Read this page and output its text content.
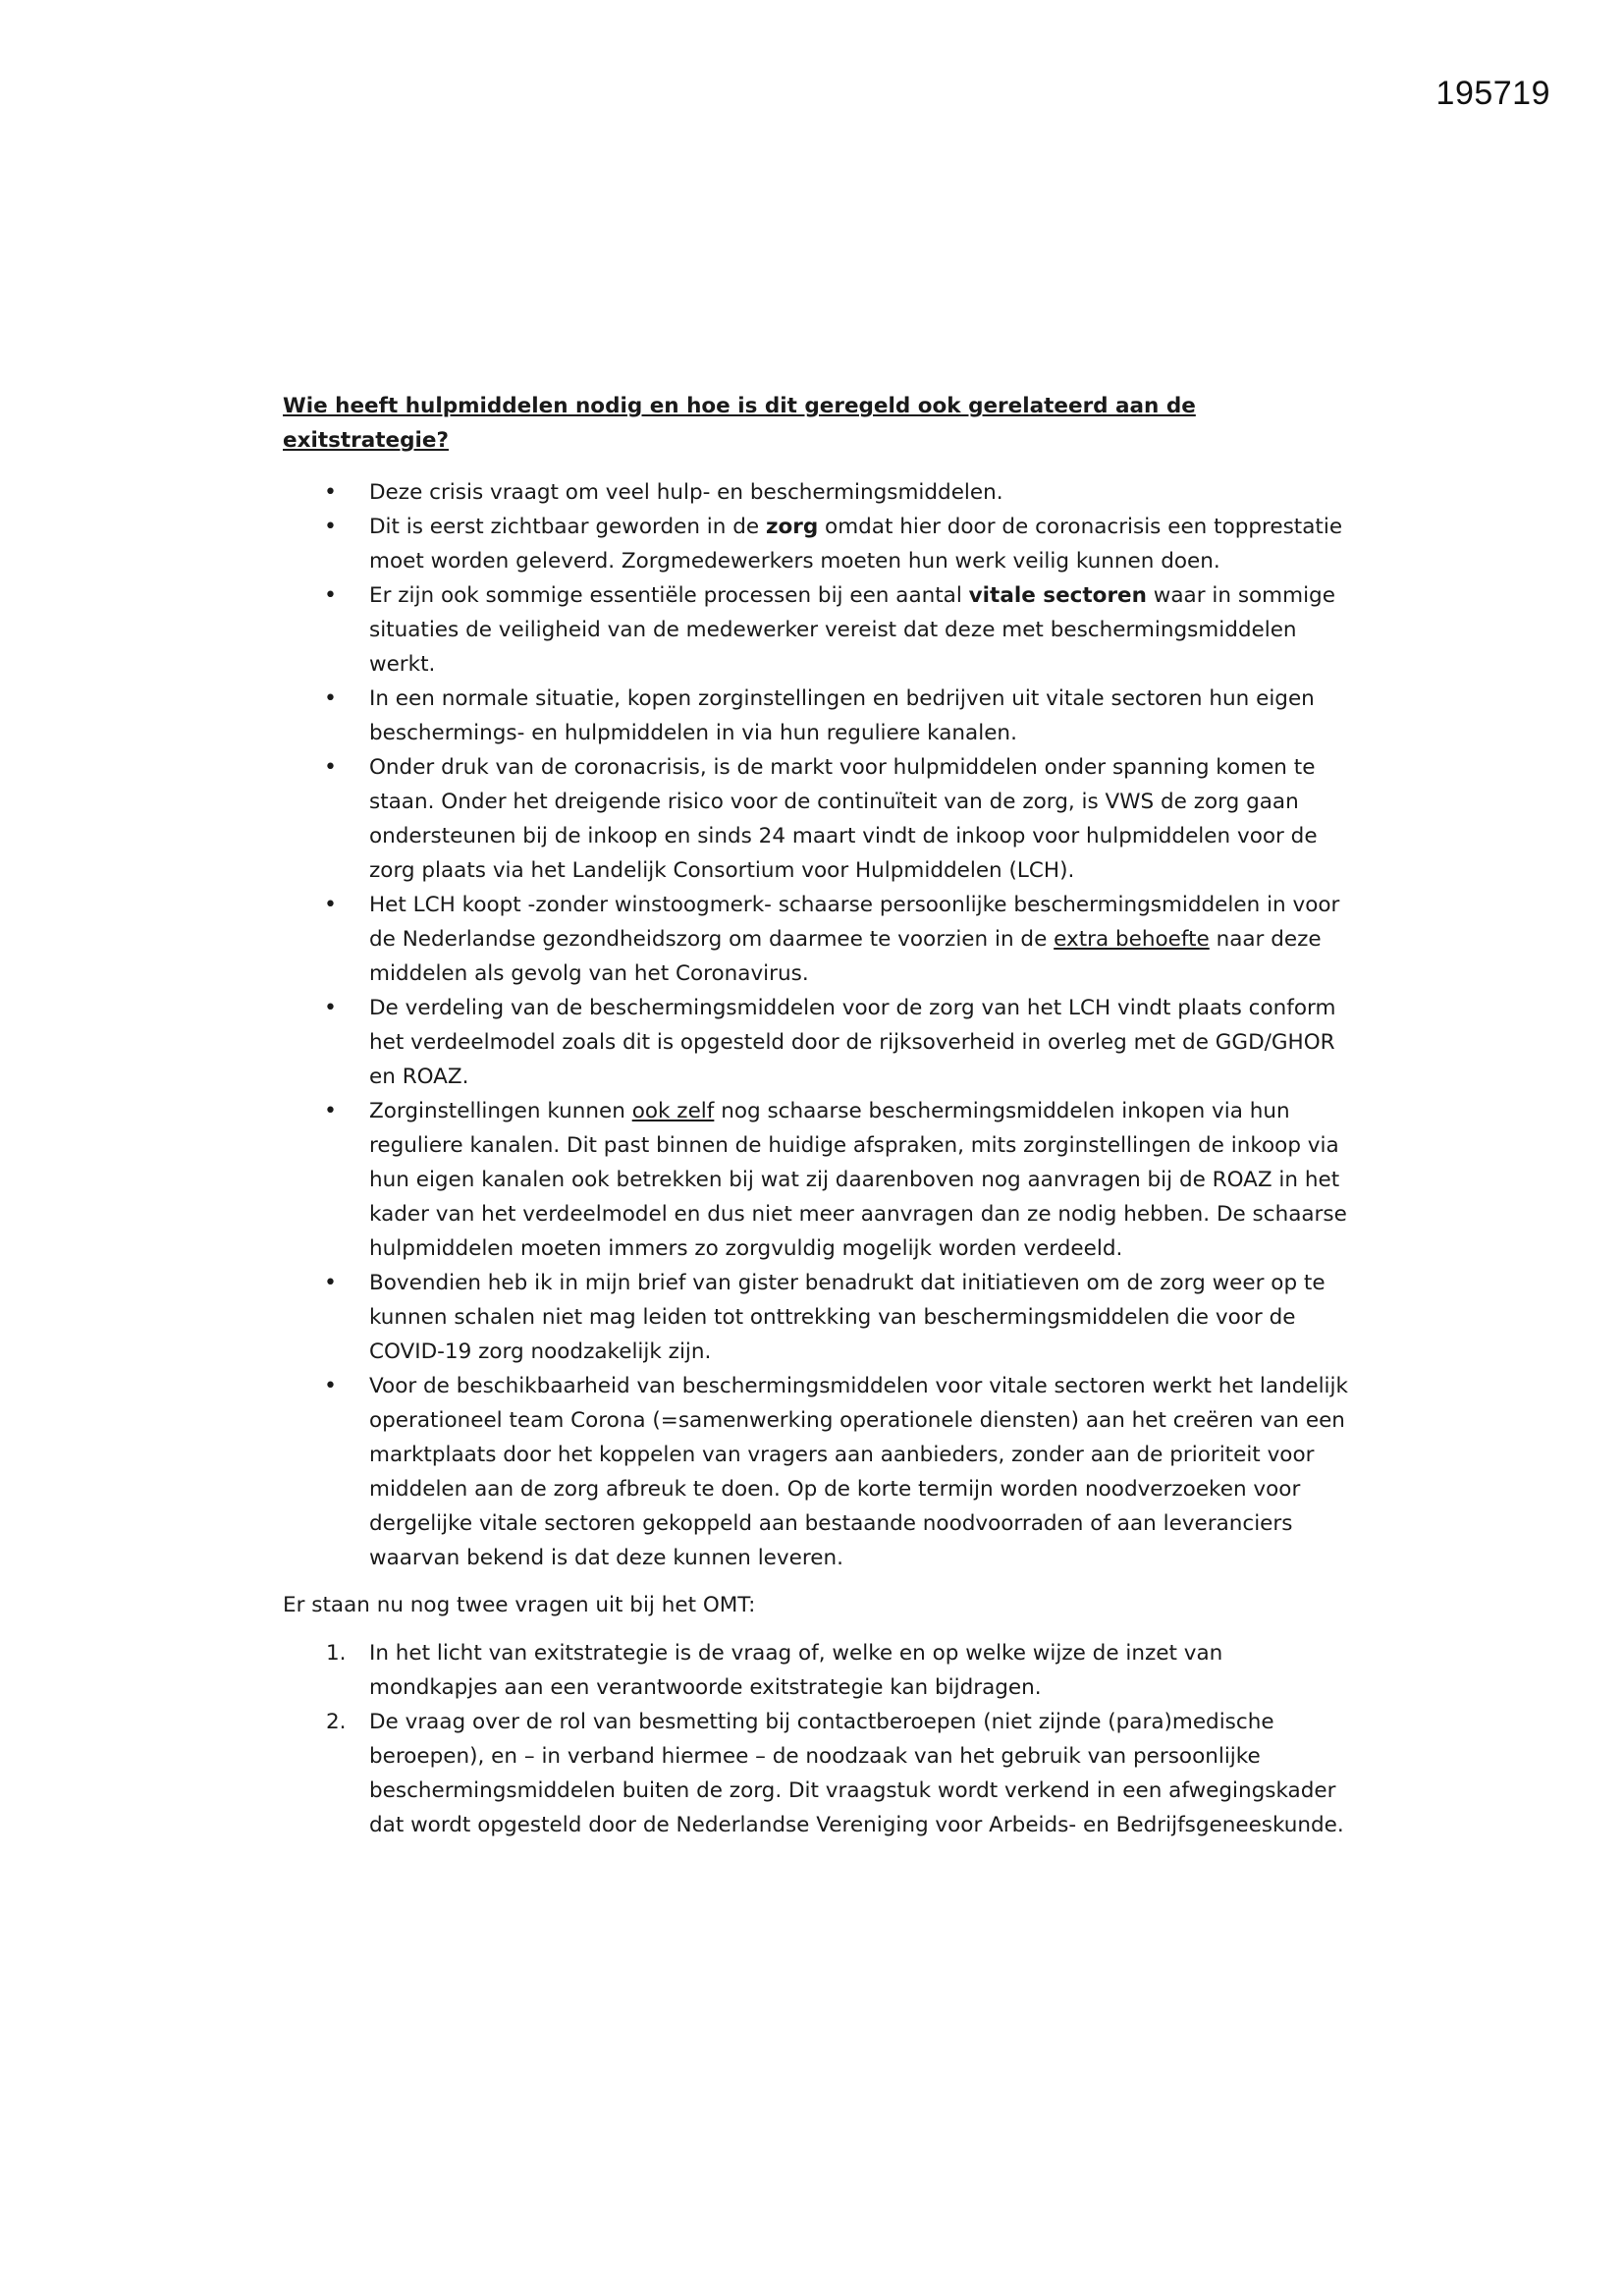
195719

Wie heeft hulpmiddelen nodig en hoe is dit geregeld ook gerelateerd aan de exitstrategie?

• Deze crisis vraagt om veel hulp- en beschermingsmiddelen.
• Dit is eerst zichtbaar geworden in de zorg omdat hier door de coronacrisis een topprestatie moet worden geleverd. Zorgmedewerkers moeten hun werk veilig kunnen doen.
• Er zijn ook sommige essentiële processen bij een aantal vitale sectoren waar in sommige situaties de veiligheid van de medewerker vereist dat deze met beschermingsmiddelen werkt.
• In een normale situatie, kopen zorginstellingen en bedrijven uit vitale sectoren hun eigen beschermings- en hulpmiddelen in via hun reguliere kanalen.
• Onder druk van de coronacrisis, is de markt voor hulpmiddelen onder spanning komen te staan. Onder het dreigende risico voor de continuïteit van de zorg, is VWS de zorg gaan ondersteunen bij de inkoop en sinds 24 maart vindt de inkoop voor hulpmiddelen voor de zorg plaats via het Landelijk Consortium voor Hulpmiddelen (LCH).
• Het LCH koopt -zonder winstoogmerk- schaarse persoonlijke beschermingsmiddelen in voor de Nederlandse gezondheidszorg om daarmee te voorzien in de extra behoefte naar deze middelen als gevolg van het Coronavirus.
• De verdeling van de beschermingsmiddelen voor de zorg van het LCH vindt plaats conform het verdeelmodel zoals dit is opgesteld door de rijksoverheid in overleg met de GGD/GHOR en ROAZ.
• Zorginstellingen kunnen ook zelf nog schaarse beschermingsmiddelen inkopen via hun reguliere kanalen. Dit past binnen de huidige afspraken, mits zorginstellingen de inkoop via hun eigen kanalen ook betrekken bij wat zij daarenboven nog aanvragen bij de ROAZ in het kader van het verdeelmodel en dus niet meer aanvragen dan ze nodig hebben. De schaarse hulpmiddelen moeten immers zo zorgvuldig mogelijk worden verdeeld.
• Bovendien heb ik in mijn brief van gister benadrukt dat initiatieven om de zorg weer op te kunnen schalen niet mag leiden tot onttrekking van beschermingsmiddelen die voor de COVID-19 zorg noodzakelijk zijn.
• Voor de beschikbaarheid van beschermingsmiddelen voor vitale sectoren werkt het landelijk operationeel team Corona (=samenwerking operationele diensten) aan het creëren van een marktplaats door het koppelen van vragers aan aanbieders, zonder aan de prioriteit voor middelen aan de zorg afbreuk te doen. Op de korte termijn worden noodverzoeken voor dergelijke vitale sectoren gekoppeld aan bestaande noodvoorraden of aan leveranciers waarvan bekend is dat deze kunnen leveren.

Er staan nu nog twee vragen uit bij het OMT:

1. In het licht van exitstrategie is de vraag of, welke en op welke wijze de inzet van mondkapjes aan een verantwoorde exitstrategie kan bijdragen.
2. De vraag over de rol van besmetting bij contactberoepen (niet zijnde (para)medische beroepen), en – in verband hiermee – de noodzaak van het gebruik van persoonlijke beschermingsmiddelen buiten de zorg. Dit vraagstuk wordt verkend in een afwegingskader dat wordt opgesteld door de Nederlandse Vereniging voor Arbeids- en Bedrijfsgeneeskunde.
